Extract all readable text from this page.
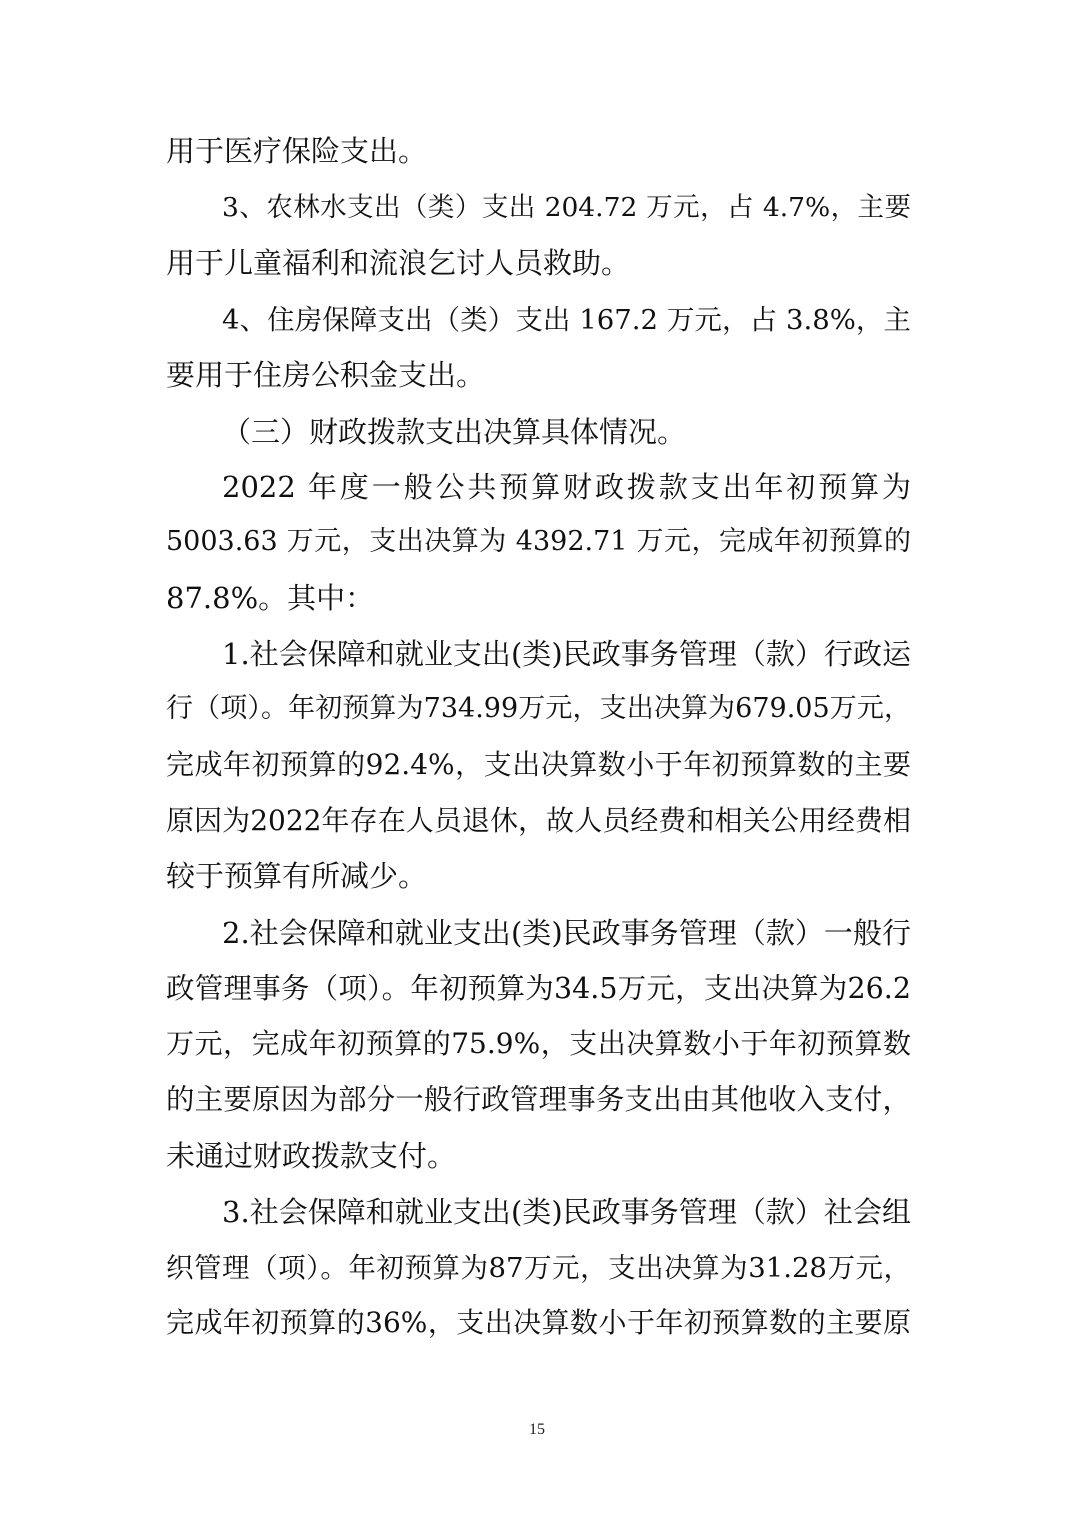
用于医疗保险支出。
3、农林水支出（类）支出 204.72 万元，占 4.7%，主要
用于儿童福利和流浪乞讨人员救助。
4、住房保障支出（类）支出 167.2 万元，占 3.8%，主
要用于住房公积金支出。
（三）财政拨款支出决算具体情况。
2022 年度一般公共预算财政拨款支出年初预算为
5003.63 万元，支出决算为 4392.71 万元，完成年初预算的
87.8%。其中：
1.社会保障和就业支出(类)民政事务管理（款）行政运
行（项）。年初预算为734.99万元，支出决算为679.05万元，
完成年初预算的92.4%，支出决算数小于年初预算数的主要
原因为2022年存在人员退休，故人员经费和相关公用经费相
较于预算有所减少。
2.社会保障和就业支出(类)民政事务管理（款）一般行
政管理事务（项）。年初预算为34.5万元，支出决算为26.2
万元，完成年初预算的75.9%，支出决算数小于年初预算数
的主要原因为部分一般行政管理事务支出由其他收入支付，
未通过财政拨款支付。
3.社会保障和就业支出(类)民政事务管理（款）社会组
织管理（项）。年初预算为87万元，支出决算为31.28万元，
完成年初预算的36%，支出决算数小于年初预算数的主要原
15
